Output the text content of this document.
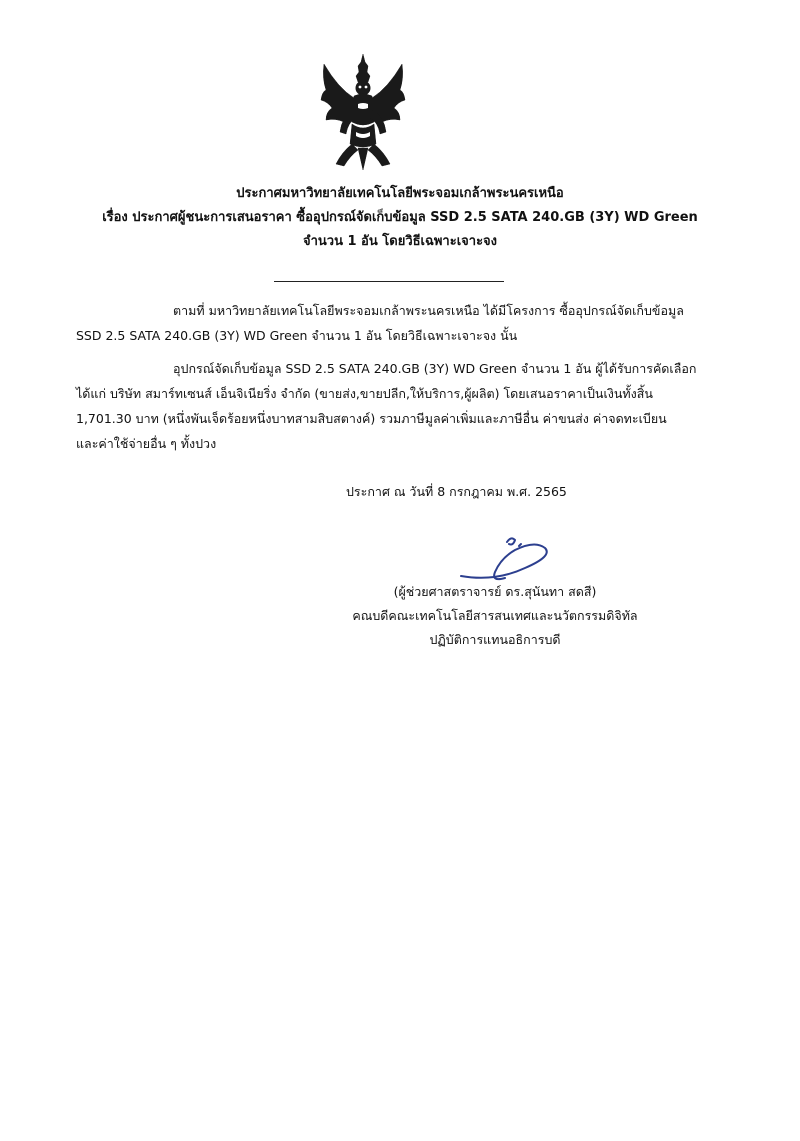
ประกาศมหาวิทยาลัยเทคโนโลยีพระจอมเกล้าพระนครเหนือ
เรื่อง ประกาศผู้ชนะการเสนอราคา ซื้ออุปกรณ์จัดเก็บข้อมูล SSD 2.5 SATA 240.GB (3Y) WD Green
จำนวน 1 อัน โดยวิธีเฉพาะเจาะจง
ตามที่ มหาวิทยาลัยเทคโนโลยีพระจอมเกล้าพระนครเหนือ ได้มีโครงการ ซื้ออุปกรณ์จัดเก็บข้อมูล
SSD 2.5 SATA 240.GB (3Y) WD Green จำนวน 1 อัน โดยวิธีเฉพาะเจาะจง นั้น
อุปกรณ์จัดเก็บข้อมูล SSD 2.5 SATA 240.GB (3Y) WD Green จำนวน 1 อัน ผู้ได้รับการคัดเลือก
ได้แก่ บริษัท สมาร์ทเซนส์ เอ็นจิเนียริ่ง จำกัด (ขายส่ง,ขายปลีก,ให้บริการ,ผู้ผลิต) โดยเสนอราคาเป็นเงินทั้งสิ้น
1,701.30 บาท (หนึ่งพันเจ็ดร้อยหนึ่งบาทสามสิบสตางค์) รวมภาษีมูลค่าเพิ่มและภาษีอื่น ค่าขนส่ง ค่าจดทะเบียน
และค่าใช้จ่ายอื่น ๆ ทั้งปวง
ประกาศ ณ วันที่ 8 กรกฎาคม พ.ศ. 2565
(ผู้ช่วยศาสตราจารย์ ดร.สุนันทา สดสี)
คณบดีคณะเทคโนโลยีสารสนเทศและนวัตกรรมดิจิทัล
ปฏิบัติการแทนอธิการบดี
